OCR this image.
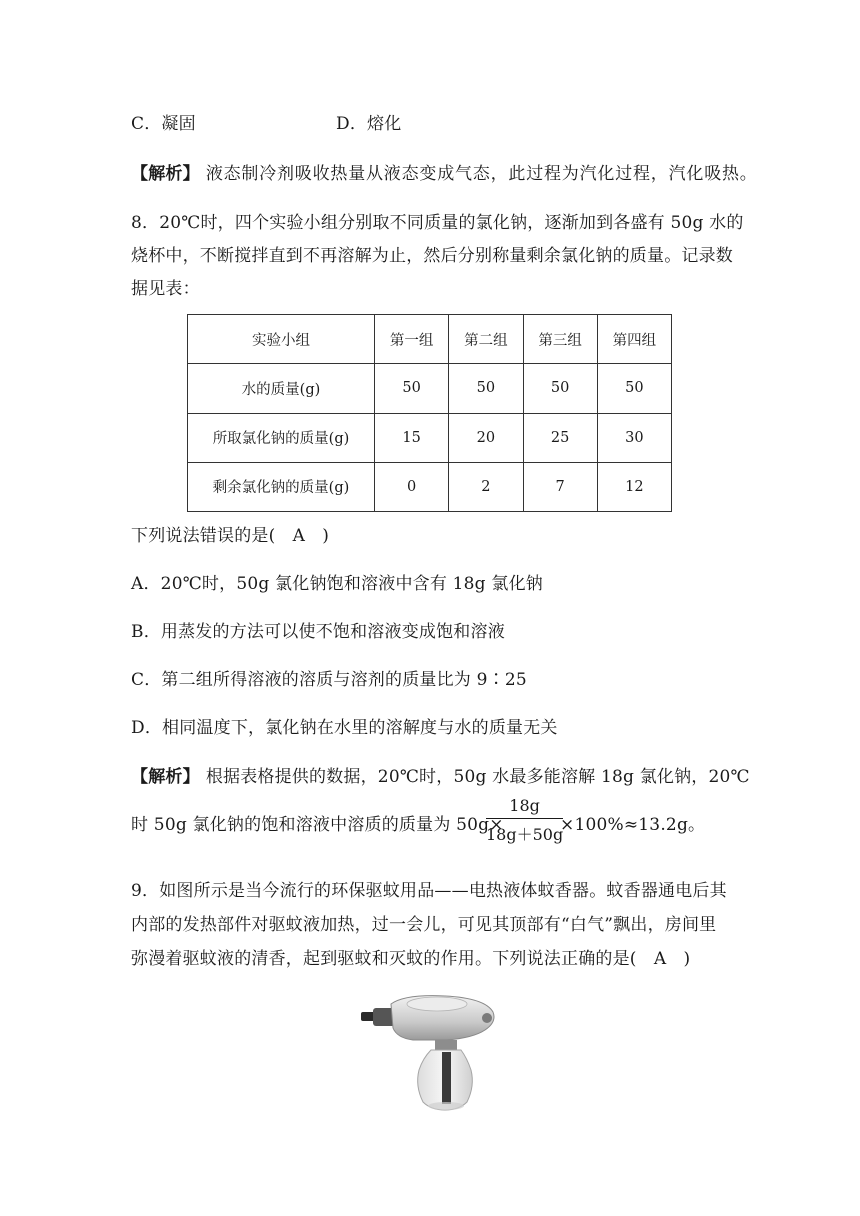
C．凝固	D．熔化
【解析】 液态制冷剂吸收热量从液态变成气态，此过程为汽化过程，汽化吸热。
8．20℃时，四个实验小组分别取不同质量的氯化钠，逐渐加到各盛有 50g 水的
烧杯中，不断搅拌直到不再溶解为止，然后分别称量剩余氯化钠的质量。记录数
据见表：
实验小组	第一组	第二组	第三组	第四组
水的质量(g)	50	50	50	50
所取氯化钠的质量(g)	15	20	25	30
剩余氯化钠的质量(g)	0	2	7	12
下列说法错误的是(　A　)
A．20℃时，50g 氯化钠饱和溶液中含有 18g 氯化钠
B．用蒸发的方法可以使不饱和溶液变成饱和溶液
C．第二组所得溶液的溶质与溶剂的质量比为 9∶25
D．相同温度下，氯化钠在水里的溶解度与水的质量无关
【解析】 根据表格提供的数据，20℃时，50g 水最多能溶解 18g 氯化钠，20℃
时 50g 氯化钠的饱和溶液中溶质的质量为 50g×
$\frac{18g}{18g+50g}$
×100%≈13.2g。
9．如图所示是当今流行的环保驱蚊用品——电热液体蚊香器。蚊香器通电后其
内部的发热部件对驱蚊液加热，过一会儿，可见其顶部有“白气”飘出，房间里
弥漫着驱蚊液的清香，起到驱蚊和灭蚊的作用。下列说法正确的是(　A　)
